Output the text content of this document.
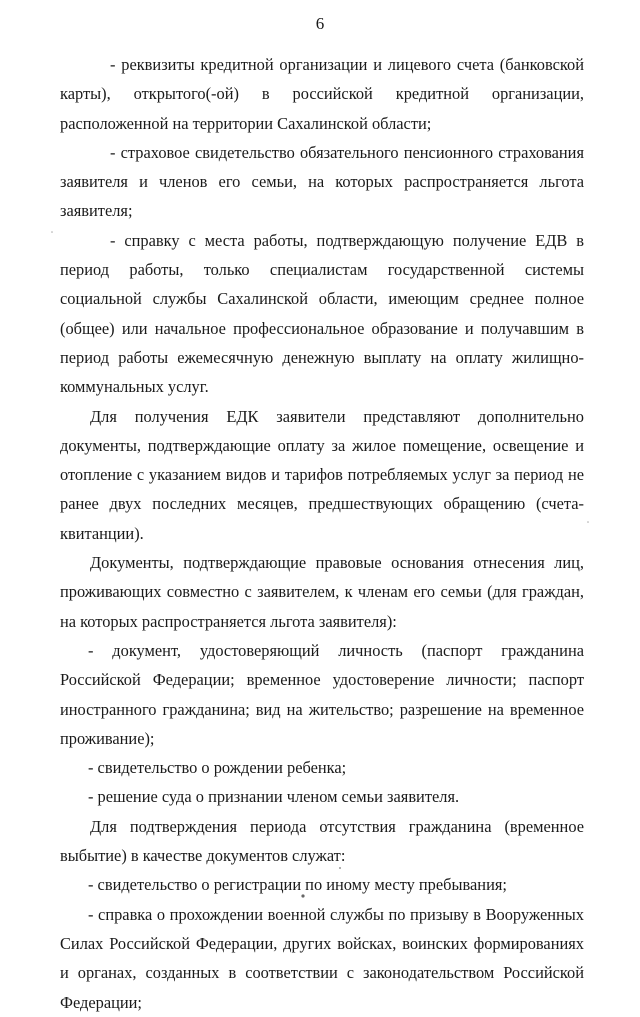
6

- реквизиты кредитной организации и лицевого счета (банковской карты), открытого(-ой) в российской кредитной организации, расположенной на территории Сахалинской области;

- страховое свидетельство обязательного пенсионного страхования заявителя и членов его семьи, на которых распространяется льгота заявителя;

- справку с места работы, подтверждающую получение ЕДВ в период работы, только специалистам государственной системы социальной службы Сахалинской области, имеющим среднее полное (общее) или начальное профессиональное образование и получавшим в период работы ежемесячную денежную выплату на оплату жилищно-коммунальных услуг.

Для получения ЕДК заявители представляют дополнительно документы, подтверждающие оплату за жилое помещение, освещение и отопление с указанием видов и тарифов потребляемых услуг за период не ранее двух последних месяцев, предшествующих обращению (счета-квитанции).

Документы, подтверждающие правовые основания отнесения лиц, проживающих совместно с заявителем, к членам его семьи (для граждан, на которых распространяется льгота заявителя):

- документ, удостоверяющий личность (паспорт гражданина Российской Федерации; временное удостоверение личности; паспорт иностранного гражданина; вид на жительство; разрешение на временное проживание);

- свидетельство о рождении ребенка;

- решение суда о признании членом семьи заявителя.

Для подтверждения периода отсутствия гражданина (временное выбытие) в качестве документов служат:

- свидетельство о регистрации по иному месту пребывания;

- справка о прохождении военной службы по призыву в Вооруженных Силах Российской Федерации, других войсках, воинских формированиях и органах, созданных в соответствии с законодательством Российской Федерации;
